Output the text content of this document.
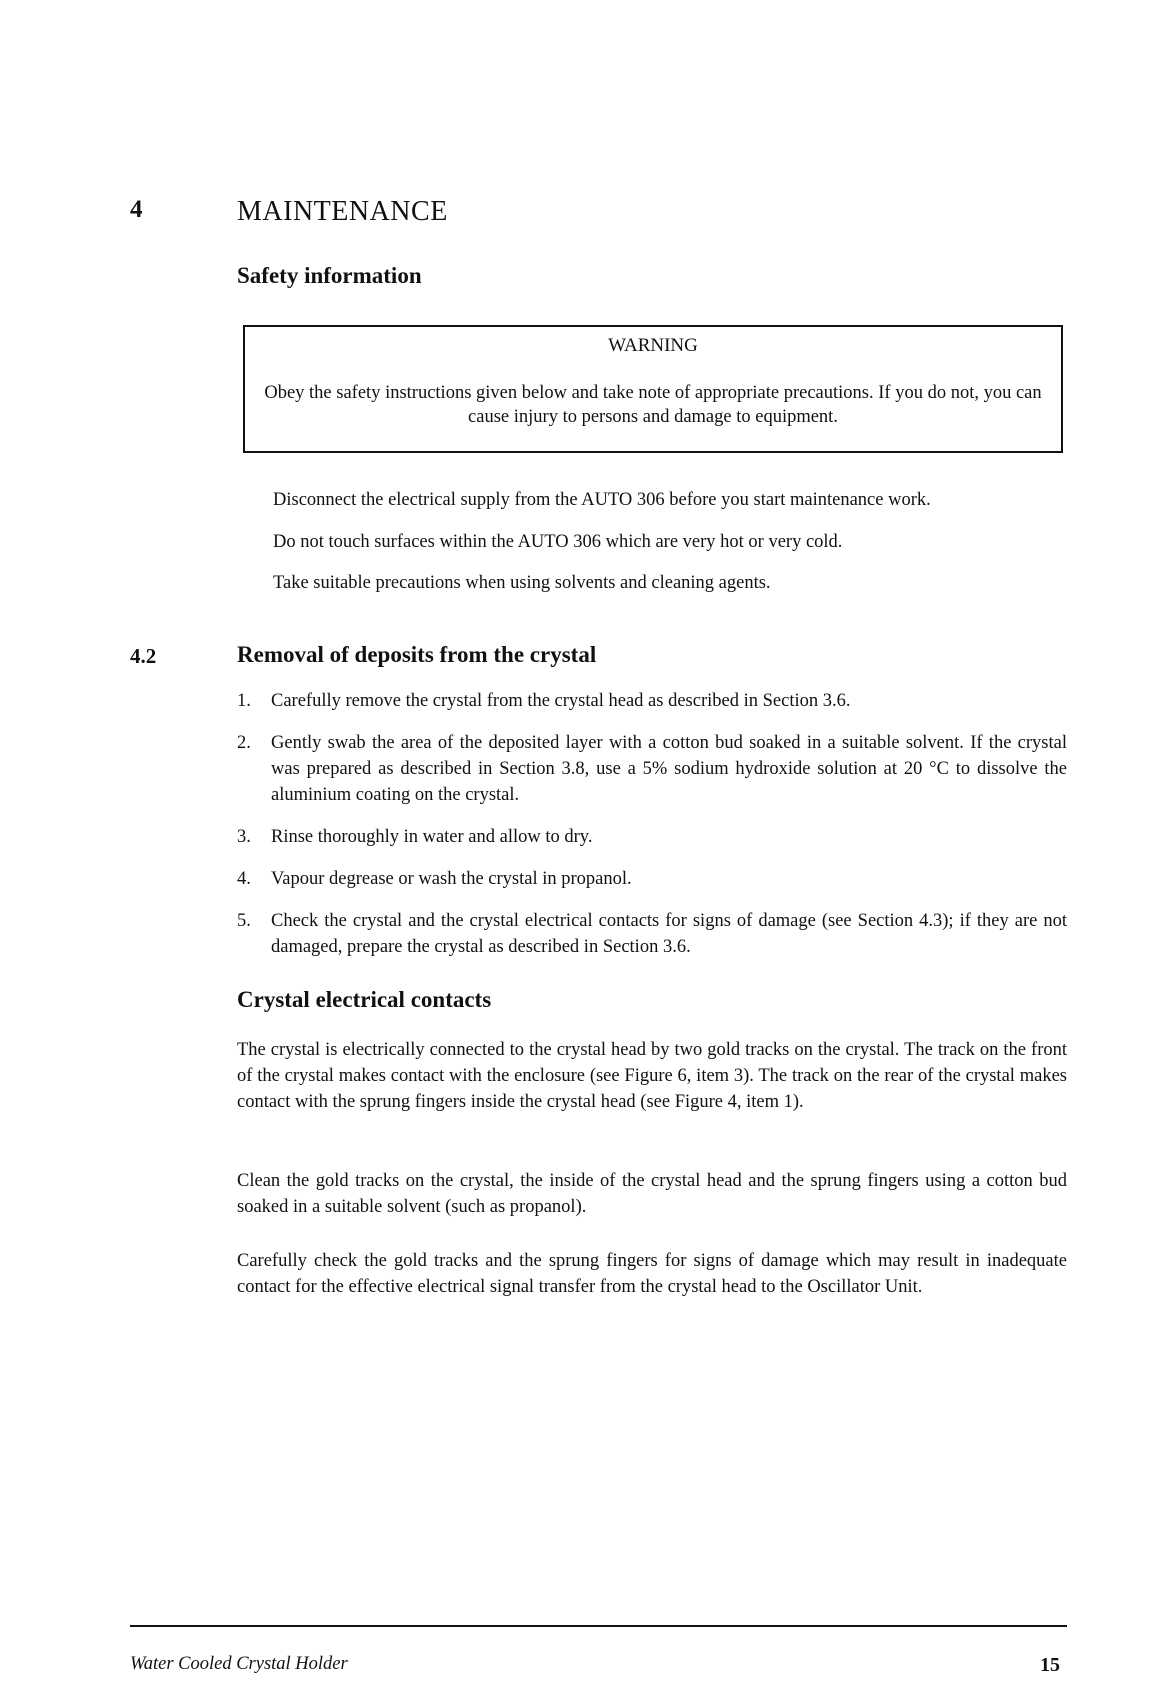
4	MAINTENANCE
Safety information
WARNING
Obey the safety instructions given below and take note of appropriate precautions. If you do not, you can cause injury to persons and damage to equipment.
Disconnect the electrical supply from the AUTO 306 before you start maintenance work.
Do not touch surfaces within the AUTO 306 which are very hot or very cold.
Take suitable precautions when using solvents and cleaning agents.
4.2	Removal of deposits from the crystal
1. Carefully remove the crystal from the crystal head as described in Section 3.6.
2. Gently swab the area of the deposited layer with a cotton bud soaked in a suitable solvent. If the crystal was prepared as described in Section 3.8, use a 5% sodium hydroxide solution at 20 °C to dissolve the aluminium coating on the crystal.
3. Rinse thoroughly in water and allow to dry.
4. Vapour degrease or wash the crystal in propanol.
5. Check the crystal and the crystal electrical contacts for signs of damage (see Section 4.3); if they are not damaged, prepare the crystal as described in Section 3.6.
Crystal electrical contacts
The crystal is electrically connected to the crystal head by two gold tracks on the crystal. The track on the front of the crystal makes contact with the enclosure (see Figure 6, item 3). The track on the rear of the crystal makes contact with the sprung fingers inside the crystal head (see Figure 4, item 1).
Clean the gold tracks on the crystal, the inside of the crystal head and the sprung fingers using a cotton bud soaked in a suitable solvent (such as propanol).
Carefully check the gold tracks and the sprung fingers for signs of damage which may result in inadequate contact for the effective electrical signal transfer from the crystal head to the Oscillator Unit.
Water Cooled Crystal Holder	15
